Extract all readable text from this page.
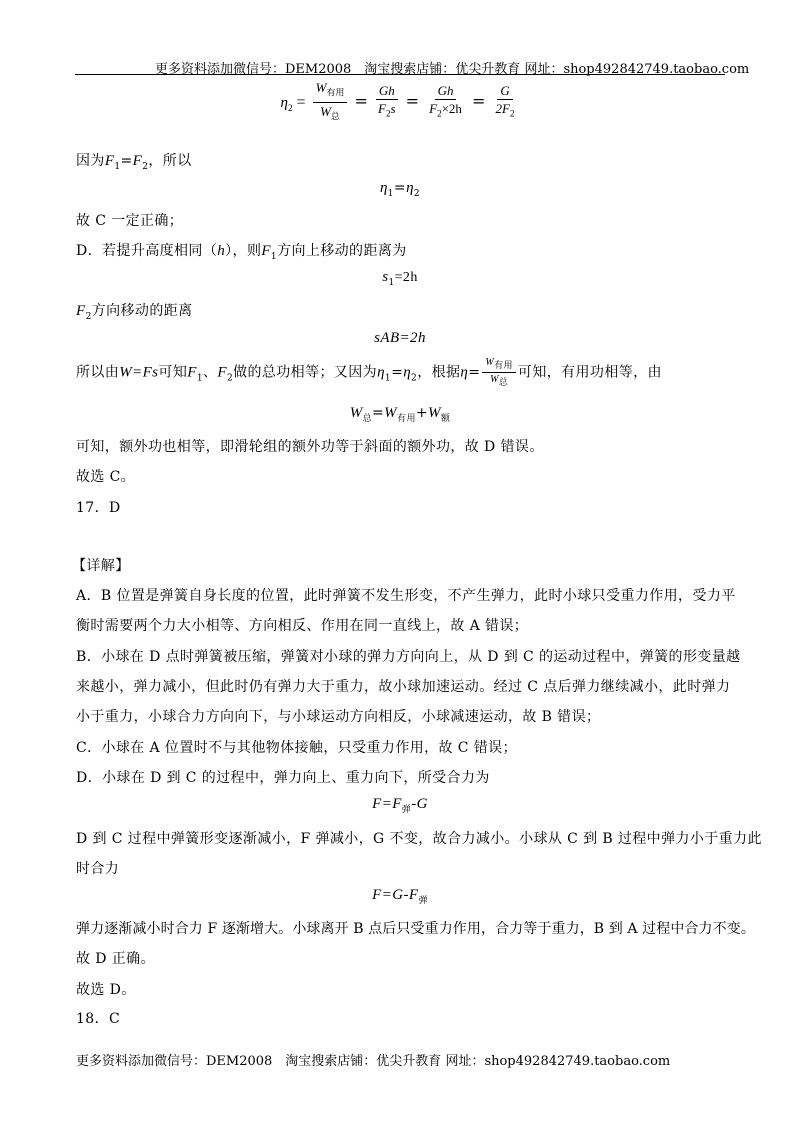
更多资料添加微信号：DEM2008　淘宝搜索店铺：优尖升教育 网址：shop492842749.taobao.com
$\eta_2 = \frac{W_{有用}}{W_总} = \frac{Gh}{F_2s} = \frac{Gh}{F_2\times 2h} = \frac{G}{2F_2}$
因为$F_1=F_2$，所以
$\eta_1=\eta_2$
故 C 一定正确；
D．若提升高度相同（h），则$F_1$方向上移动的距离为
$s_1=2h$
$F_2$方向移动的距离
sAB=2h
所以由W=Fs可知$F_1$、$F_2$做的总功相等；又因为$\eta_1=\eta_2$，根据$\eta= \frac{W_{有用}}{W_总}$ 可知，有用功相等，由
$W_总=W_{有用}+W_额$
可知，额外功也相等，即滑轮组的额外功等于斜面的额外功，故 D 错误。
故选 C。
17．D
【详解】
A．B 位置是弹簧自身长度的位置，此时弹簧不发生形变，不产生弹力，此时小球只受重力作用，受力平
衡时需要两个力大小相等、方向相反、作用在同一直线上，故 A 错误；
B．小球在 D 点时弹簧被压缩，弹簧对小球的弹力方向向上，从 D 到 C 的运动过程中，弹簧的形变量越
来越小，弹力减小，但此时仍有弹力大于重力，故小球加速运动。经过 C 点后弹力继续减小，此时弹力
小于重力，小球合力方向向下，与小球运动方向相反，小球减速运动，故 B 错误；
C．小球在 A 位置时不与其他物体接触，只受重力作用，故 C 错误；
D．小球在 D 到 C 的过程中，弹力向上、重力向下，所受合力为
$F=F_弹-G$
D 到 C 过程中弹簧形变逐渐减小，F 弹减小，G 不变，故合力减小。小球从 C 到 B 过程中弹力小于重力此
时合力
$F=G-F_弹$
弹力逐渐减小时合力 F 逐渐增大。小球离开 B 点后只受重力作用，合力等于重力，B 到 A 过程中合力不变。
故 D 正确。
故选 D。
18．C
更多资料添加微信号：DEM2008　淘宝搜索店铺：优尖升教育 网址：shop492842749.taobao.com
